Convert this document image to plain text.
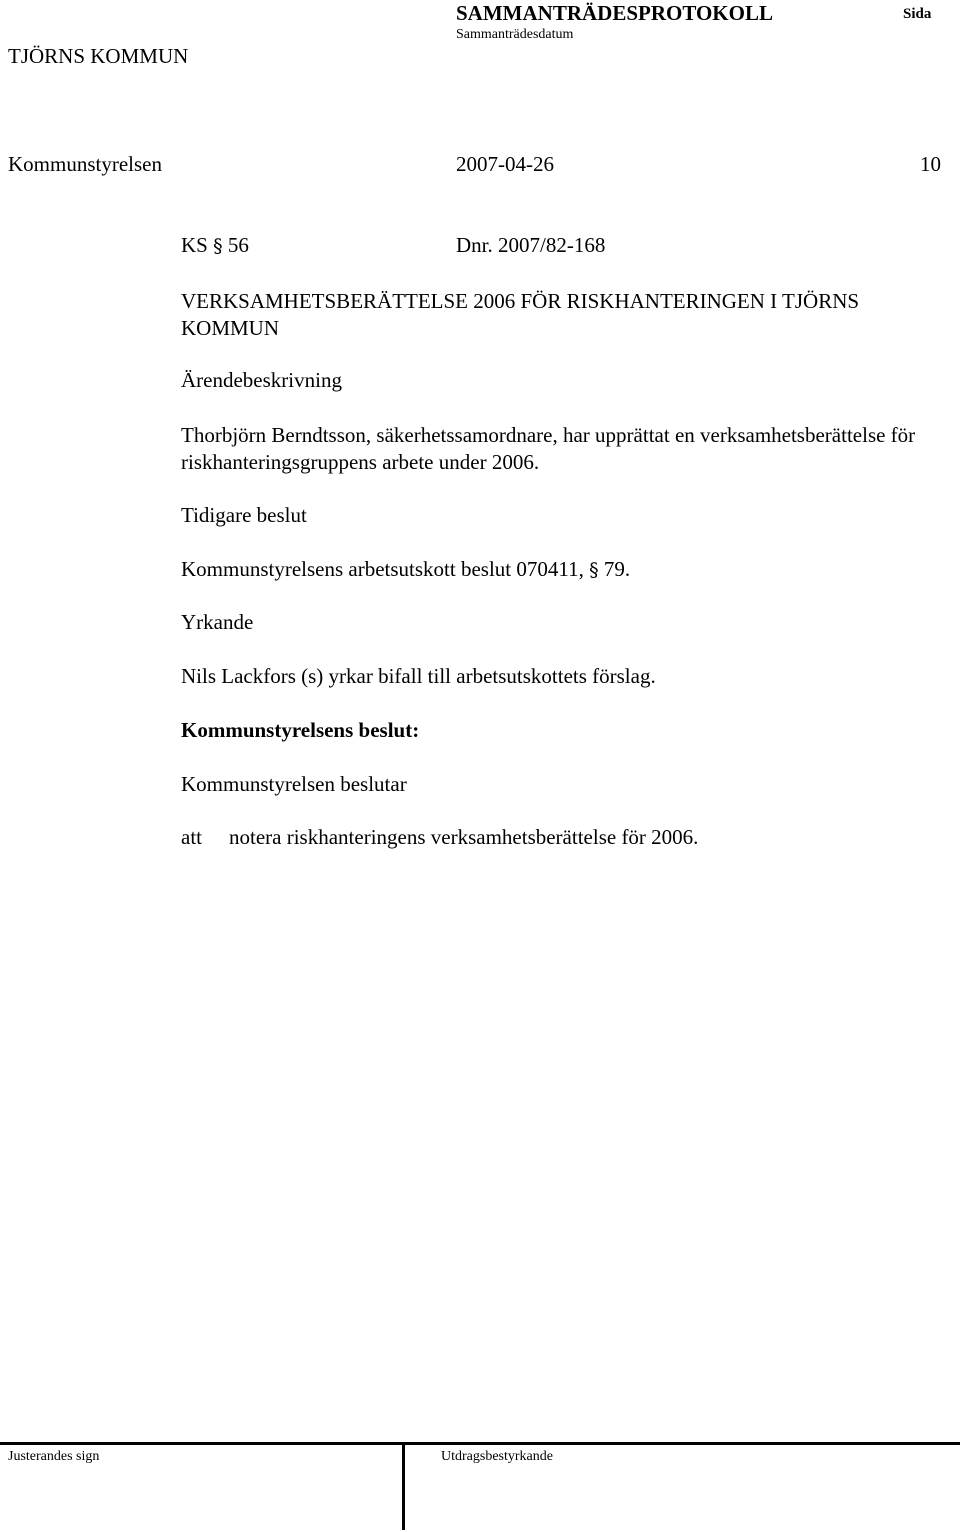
SAMMANTRÄDESPROTOKOLL
Sammanträdesdatum
Sida
TJÖRNS KOMMUN
Kommunstyrelsen	2007-04-26	10
KS § 56	Dnr. 2007/82-168
VERKSAMHETSBERÄTTELSE 2006 FÖR RISKHANTERINGEN I TJÖRNS KOMMUN
Ärendebeskrivning
Thorbjörn Berndtsson, säkerhetssamordnare, har upprättat en verksamhetsberättelse för riskhanteringsgruppens arbete under 2006.
Tidigare beslut
Kommunstyrelsens arbetsutskott beslut 070411, § 79.
Yrkande
Nils Lackfors (s) yrkar bifall till arbetsutskottets förslag.
Kommunstyrelsens beslut:
Kommunstyrelsen beslutar
att notera riskhanteringens verksamhetsberättelse för 2006.
Justerandes sign	Utdragsbestyrkande
